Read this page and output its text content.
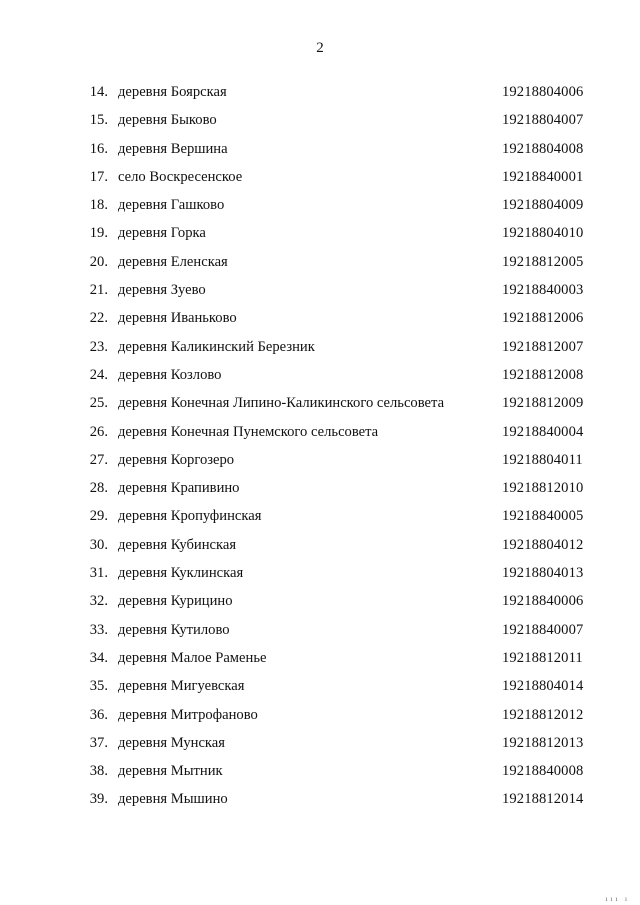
2
14. деревня Боярская	19218804006
15. деревня Быково	19218804007
16. деревня Вершина	19218804008
17. село Воскресенское	19218840001
18. деревня Гашково	19218804009
19. деревня Горка	19218804010
20. деревня Еленская	19218812005
21. деревня Зуево	19218840003
22. деревня Иваньково	19218812006
23. деревня Каликинский Березник	19218812007
24. деревня Козлово	19218812008
25. деревня Конечная Липино-Каликинского сельсовета	19218812009
26. деревня Конечная Пунемского сельсовета	19218840004
27. деревня Коргозеро	19218804011
28. деревня Крапивино	19218812010
29. деревня Кропуфинская	19218840005
30. деревня Кубинская	19218804012
31. деревня Куклинская	19218804013
32. деревня Курицино	19218840006
33. деревня Кутилово	19218840007
34. деревня Малое Раменье	19218812011
35. деревня Мигуевская	19218804014
36. деревня Митрофаново	19218812012
37. деревня Мунская	19218812013
38. деревня Мытник	19218840008
39. деревня Мышино	19218812014
ııı ı
